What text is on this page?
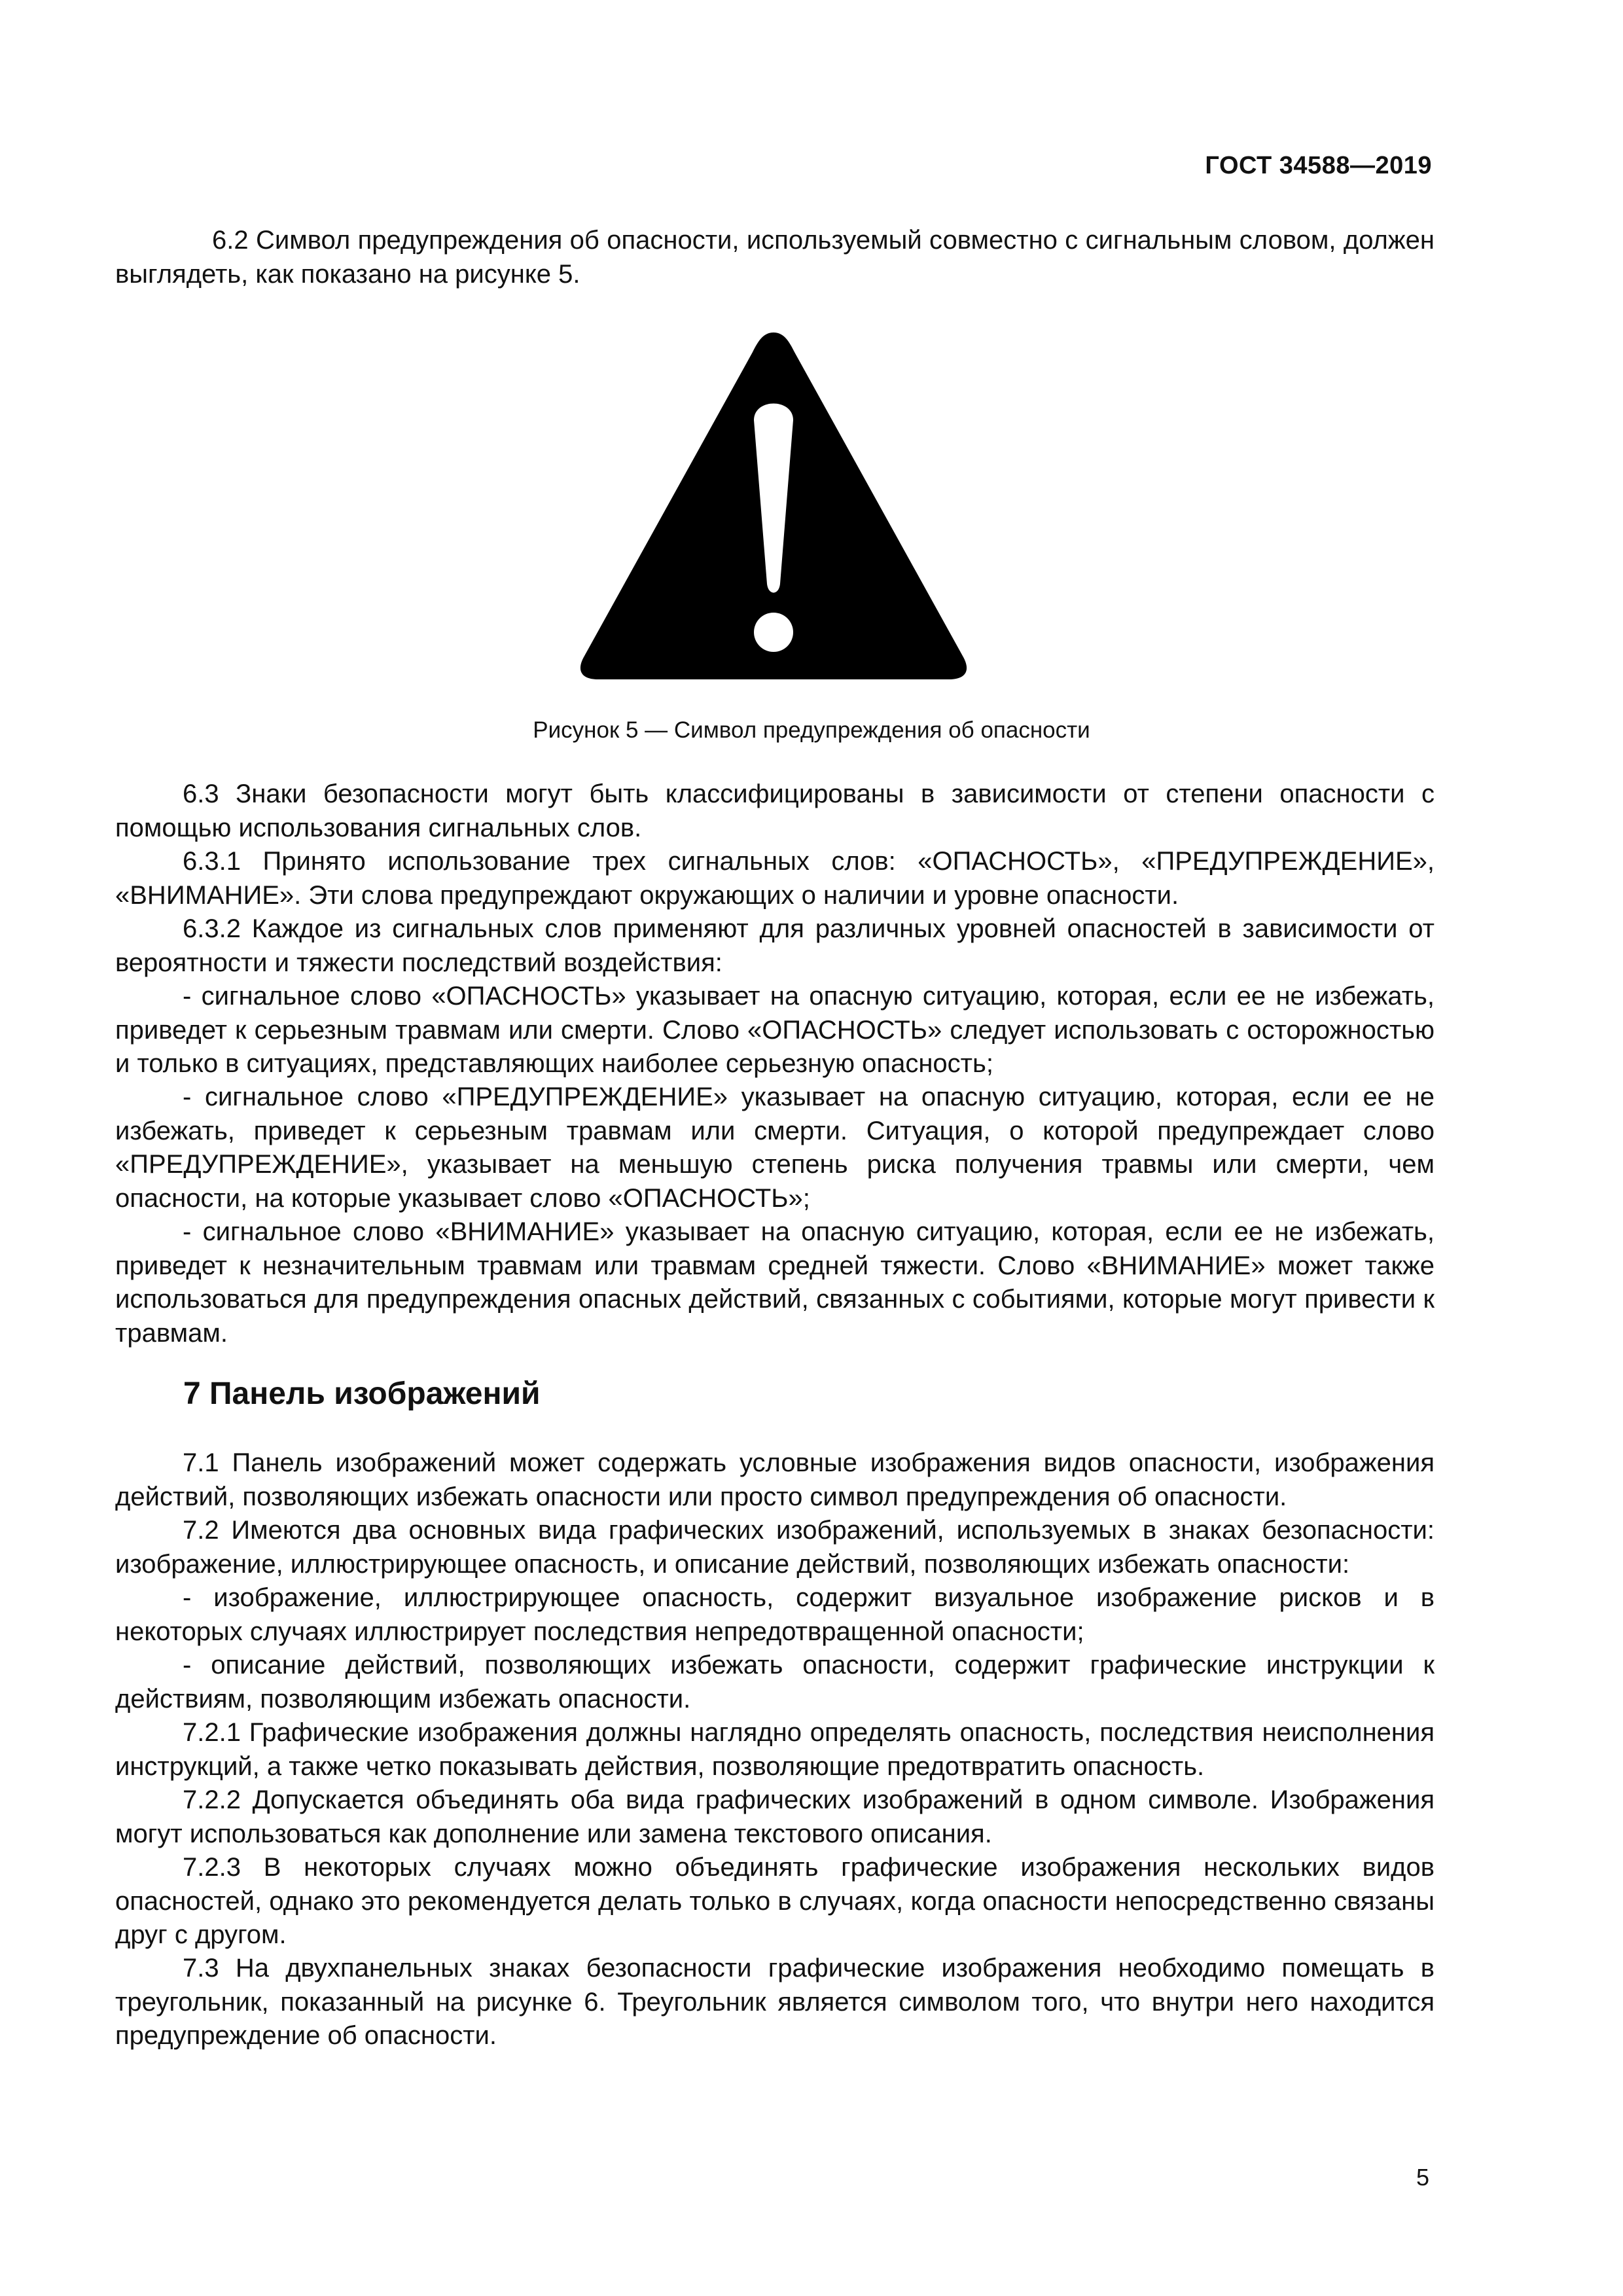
ГОСТ 34588—2019

6.2 Символ предупреждения об опасности, используемый совместно с сигнальным словом, должен выглядеть, как показано на рисунке 5.

Рисунок 5 — Символ предупреждения об опасности

6.3 Знаки безопасности могут быть классифицированы в зависимости от степени опасности с помощью использования сигнальных слов.

6.3.1 Принято использование трех сигнальных слов: «ОПАСНОСТЬ», «ПРЕДУПРЕЖДЕНИЕ», «ВНИМАНИЕ». Эти слова предупреждают окружающих о наличии и уровне опасности.

6.3.2 Каждое из сигнальных слов применяют для различных уровней опасностей в зависимости от вероятности и тяжести последствий воздействия:

- сигнальное слово «ОПАСНОСТЬ» указывает на опасную ситуацию, которая, если ее не избежать, приведет к серьезным травмам или смерти. Слово «ОПАСНОСТЬ» следует использовать с осторожностью и только в ситуациях, представляющих наиболее серьезную опасность;

- сигнальное слово «ПРЕДУПРЕЖДЕНИЕ» указывает на опасную ситуацию, которая, если ее не избежать, приведет к серьезным травмам или смерти. Ситуация, о которой предупреждает слово «ПРЕДУПРЕЖДЕНИЕ», указывает на меньшую степень риска получения травмы или смерти, чем опасности, на которые указывает слово «ОПАСНОСТЬ»;

- сигнальное слово «ВНИМАНИЕ» указывает на опасную ситуацию, которая, если ее не избежать, приведет к незначительным травмам или травмам средней тяжести. Слово «ВНИМАНИЕ» может также использоваться для предупреждения опасных действий, связанных с событиями, которые могут привести к травмам.

7 Панель изображений

7.1 Панель изображений может содержать условные изображения видов опасности, изображения действий, позволяющих избежать опасности или просто символ предупреждения об опасности.

7.2 Имеются два основных вида графических изображений, используемых в знаках безопасности: изображение, иллюстрирующее опасность, и описание действий, позволяющих избежать опасности:

- изображение, иллюстрирующее опасность, содержит визуальное изображение рисков и в некоторых случаях иллюстрирует последствия непредотвращенной опасности;

- описание действий, позволяющих избежать опасности, содержит графические инструкции к действиям, позволяющим избежать опасности.

7.2.1 Графические изображения должны наглядно определять опасность, последствия неисполнения инструкций, а также четко показывать действия, позволяющие предотвратить опасность.

7.2.2 Допускается объединять оба вида графических изображений в одном символе. Изображения могут использоваться как дополнение или замена текстового описания.

7.2.3 В некоторых случаях можно объединять графические изображения нескольких видов опасностей, однако это рекомендуется делать только в случаях, когда опасности непосредственно связаны друг с другом.

7.3 На двухпанельных знаках безопасности графические изображения необходимо помещать в треугольник, показанный на рисунке 6. Треугольник является символом того, что внутри него находится предупреждение об опасности.

5
